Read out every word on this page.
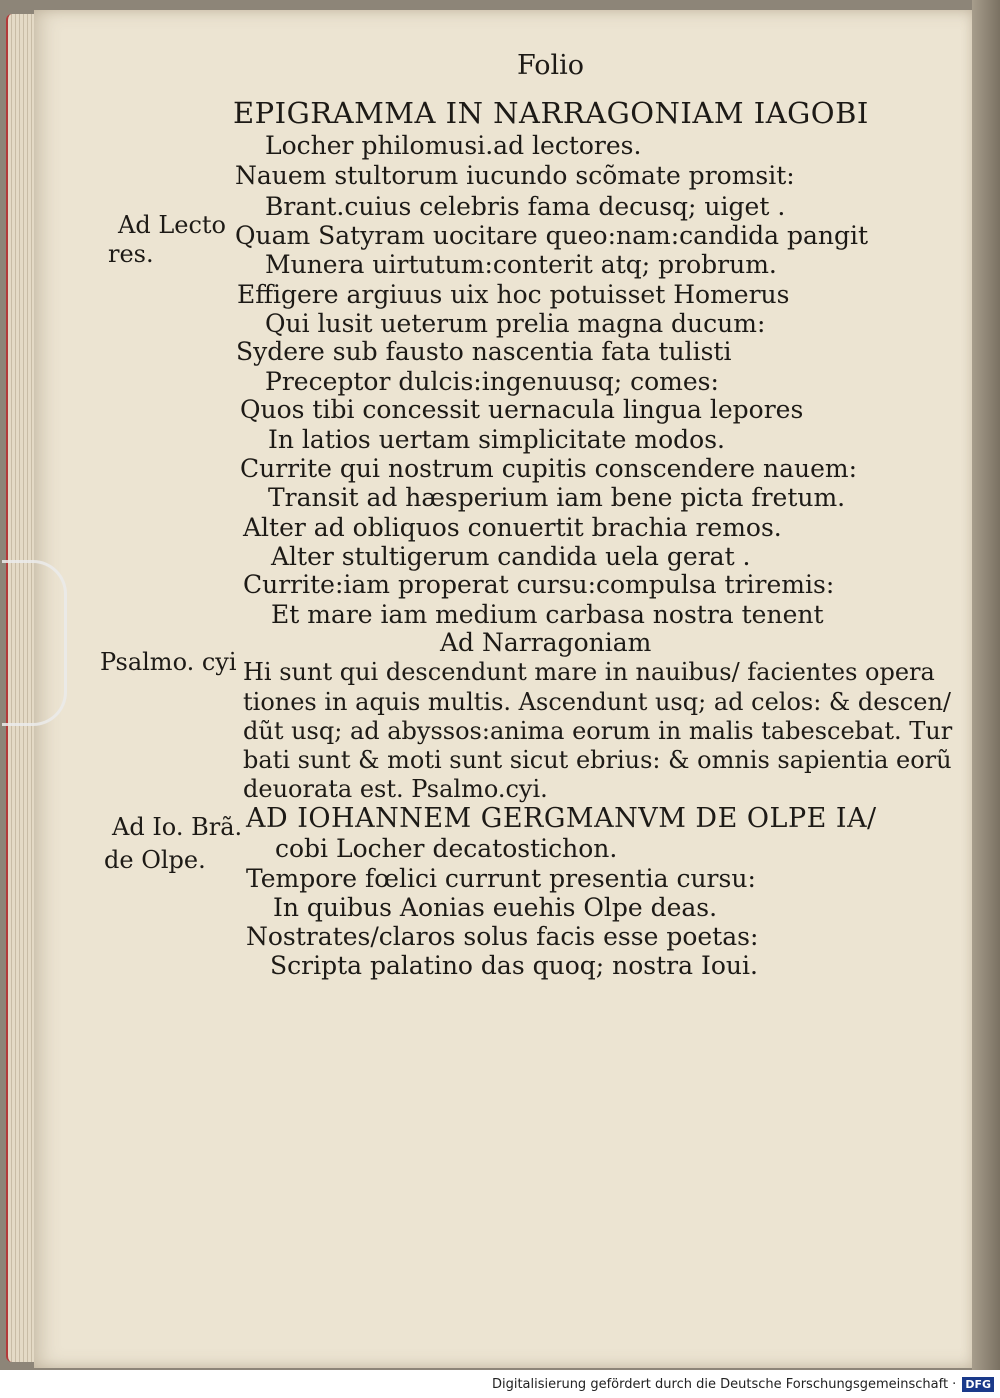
Folio
Ad Lecto
res.
Psalmo. cyi
Ad Io. Brã.
de Olpe.
EPIGRAMMA IN NARRAGONIAM IAGOBI
Locher philomusi.ad lectores.
Nauem stultorum iucundo scõmate promsit:
Brant.cuius celebris fama decusq; uiget .
Quam Satyram uocitare queo:nam:candida pangit
Munera uirtutum:conterit atq; probrum.
Effigere argiuus uix hoc potuisset Homerus
Qui lusit ueterum prelia magna ducum:
Sydere sub fausto nascentia fata tulisti
Preceptor dulcis:ingenuusq; comes:
Quos tibi concessit uernacula lingua lepores
In latios uertam simplicitate modos.
Currite qui nostrum cupitis conscendere nauem:
Transit ad hæsperium iam bene picta fretum.
Alter ad obliquos conuertit brachia remos.
Alter stultigerum candida uela gerat .
Currite:iam properat cursu:compulsa triremis:
Et mare iam medium carbasa nostra tenent
Ad Narragoniam
Hi sunt qui descendunt mare in nauibus/ facientes opera
tiones in aquis multis. Ascendunt usq; ad celos: & descen/
dũt usq; ad abyssos:anima eorum in malis tabescebat. Tur
bati sunt & moti sunt sicut ebrius: & omnis sapientia eorũ
deuorata est. Psalmo.cyi.
AD IOHANNEM GERGMANVM DE OLPE IA/
cobi Locher decatostichon.
Tempore fœlici currunt presentia cursu:
In quibus Aonias euehis Olpe deas.
Nostrates/claros solus facis esse poetas:
Scripta palatino das quoq; nostra Ioui.
Digitalisierung gefördert durch die Deutsche Forschungsgemeinschaft · DFG
